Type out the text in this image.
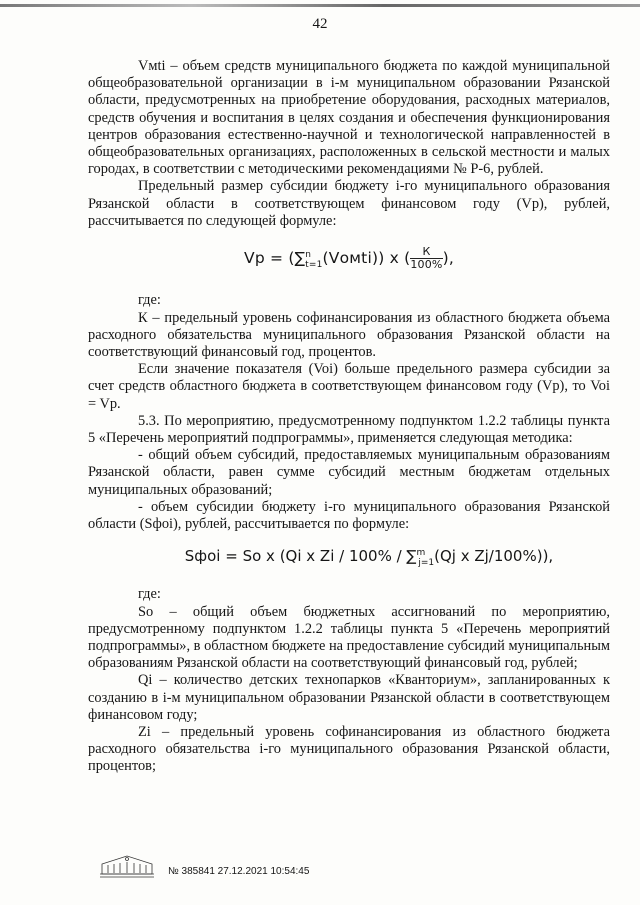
42

Vмti – объем средств муниципального бюджета по каждой муниципальной общеобразовательной организации в i-м муниципальном образовании Рязанской области, предусмотренных на приобретение оборудования, расходных материалов, средств обучения и воспитания в целях создания и обеспечения функционирования центров образования естественно-научной и технологической направленностей в общеобразовательных организациях, расположенных в сельской местности и малых городах, в соответствии с методическими рекомендациями № Р-6, рублей.

Предельный размер субсидии бюджету i-го муниципального образования Рязанской области в соответствующем финансовом году (Vp), рублей, рассчитывается по следующей формуле:

Vp = (∑$^n_{t=1}$(Vомti)) x ( $\frac{К}{100\%}$ ),

где:

К – предельный уровень софинансирования из областного бюджета объема расходного обязательства муниципального образования Рязанской области на соответствующий финансовый год, процентов.

Если значение показателя (Voi) больше предельного размера субсидии за счет средств областного бюджета в соответствующем финансовом году (Vp), то Voi = Vp.

5.3. По мероприятию, предусмотренному подпунктом 1.2.2 таблицы пункта 5 «Перечень мероприятий подпрограммы», применяется следующая методика:

- общий объем субсидий, предоставляемых муниципальным образованиям Рязанской области, равен сумме субсидий местным бюджетам отдельных муниципальных образований;

- объем субсидии бюджету i-го муниципального образования Рязанской области (Sфoi), рублей, рассчитывается по формуле:

Sфoi = So x (Qi x Zi / 100% / ∑$^m_{j=1}$(Qj x Zj/100%)),

где:

So – общий объем бюджетных ассигнований по мероприятию, предусмотренному подпунктом 1.2.2 таблицы пункта 5 «Перечень мероприятий подпрограммы», в областном бюджете на предоставление субсидий муниципальным образованиям Рязанской области на соответствующий финансовый год, рублей;

Qi – количество детских технопарков «Кванториум», запланированных к созданию в i-м муниципальном образовании Рязанской области в соответствующем финансовом году;

Zi – предельный уровень софинансирования из областного бюджета расходного обязательства i-го муниципального образования Рязанской области, процентов;

№ 385841 27.12.2021 10:54:45
